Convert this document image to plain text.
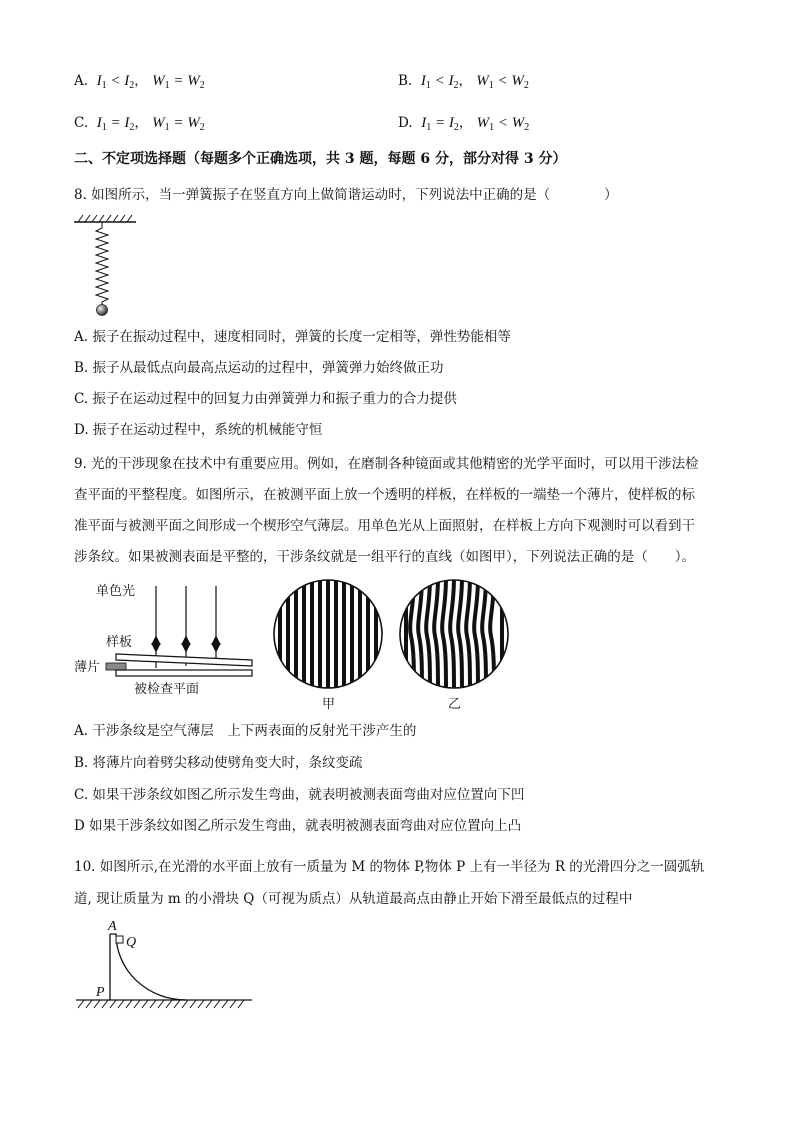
A. $I_1 < I_2$， $W_1 = W_2$	B. $I_1 < I_2$， $W_1 < W_2$
C. $I_1 = I_2$， $W_1 = W_2$	D. $I_1 = I_2$， $W_1 < W_2$
二、不定项选择题（每题多个正确选项，共 3 题，每题 6 分，部分对得 3 分）
8. 如图所示，当一弹簧振子在竖直方向上做简谐运动时，下列说法中正确的是（　　　　）
A. 振子在振动过程中，速度相同时，弹簧的长度一定相等，弹性势能相等
B. 振子从最低点向最高点运动的过程中，弹簧弹力始终做正功
C. 振子在运动过程中的回复力由弹簧弹力和振子重力的合力提供
D. 振子在运动过程中，系统的机械能守恒
9. 光的干涉现象在技术中有重要应用。例如，在磨制各种镜面或其他精密的光学平面时，可以用干涉法检
查平面的平整程度。如图所示，在被测平面上放一个透明的样板，在样板的一端垫一个薄片，使样板的标
准平面与被测平面之间形成一个楔形空气薄层。用单色光从上面照射，在样板上方向下观测时可以看到干
涉条纹。如果被测表面是平整的，干涉条纹就是一组平行的直线（如图甲），下列说法正确的是（　　）。
单色光
样板
薄片
被检查平面
甲	乙
A. 干涉条纹是空气薄层　上下两表面的反射光干涉产生的
B. 将薄片向着劈尖移动使劈角变大时，条纹变疏
C. 如果干涉条纹如图乙所示发生弯曲，就表明被测表面弯曲对应位置向下凹
D 如果干涉条纹如图乙所示发生弯曲，就表明被测表面弯曲对应位置向上凸
10. 如图所示,在光滑的水平面上放有一质量为 M 的物体 P,物体 P 上有一半径为 R 的光滑四分之一圆弧轨
道, 现让质量为 m 的小滑块 Q（可视为质点）从轨道最高点由静止开始下滑至最低点的过程中
A
Q
P
